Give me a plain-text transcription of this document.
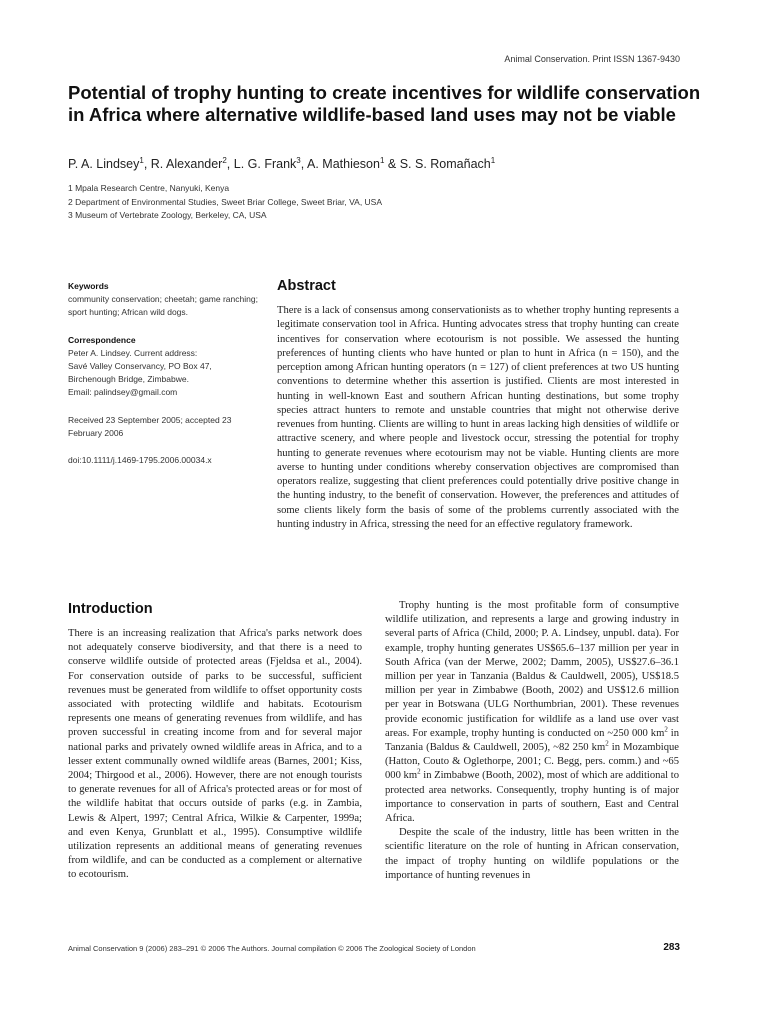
Animal Conservation. Print ISSN 1367-9430
Potential of trophy hunting to create incentives for wildlife conservation in Africa where alternative wildlife-based land uses may not be viable
P. A. Lindsey$^1$, R. Alexander$^2$, L. G. Frank$^3$, A. Mathieson$^1$ & S. S. Romañach$^1$
1 Mpala Research Centre, Nanyuki, Kenya
2 Department of Environmental Studies, Sweet Briar College, Sweet Briar, VA, USA
3 Museum of Vertebrate Zoology, Berkeley, CA, USA
Keywords
community conservation; cheetah; game ranching; sport hunting; African wild dogs.
Correspondence
Peter A. Lindsey. Current address:
Savé Valley Conservancy, PO Box 47,
Birchenough Bridge, Zimbabwe.
Email: palindsey@gmail.com
Received 23 September 2005; accepted 23 February 2006
doi:10.1111/j.1469-1795.2006.00034.x
Abstract

There is a lack of consensus among conservationists as to whether trophy hunting represents a legitimate conservation tool in Africa. Hunting advocates stress that trophy hunting can create incentives for conservation where ecotourism is not possible. We assessed the hunting preferences of hunting clients who have hunted or plan to hunt in Africa (n = 150), and the perception among African hunting operators (n = 127) of client preferences at two US hunting conventions to determine whether this assertion is justified. Clients are most interested in hunting in well-known East and southern African hunting destinations, but some trophy species attract hunters to remote and unstable countries that might not otherwise derive revenues from hunting. Clients are willing to hunt in areas lacking high densities of wildlife or attractive scenery, and where people and livestock occur, stressing the potential for trophy hunting to generate revenues where ecotourism may not be viable. Hunting clients are more averse to hunting under conditions whereby conservation objectives are compromised than operators realize, suggesting that client preferences could potentially drive positive change in the hunting industry, to the benefit of conservation. However, the preferences and attitudes of some clients likely form the basis of some of the problems currently associated with the hunting industry in Africa, stressing the need for an effective regulatory framework.

Introduction

There is an increasing realization that Africa's parks network does not adequately conserve biodiversity, and that there is a need to conserve wildlife outside of protected areas (Fjeldsa et al., 2004). For conservation outside of parks to be successful, sufficient revenues must be generated from wildlife to offset opportunity costs associated with protecting wildlife and habitats. Ecotourism represents one means of generating revenues from wildlife, and has proven successful in creating income from and for several major national parks and privately owned wildlife areas in Africa, and to a lesser extent communally owned wildlife areas (Barnes, 2001; Kiss, 2004; Thirgood et al., 2006). However, there are not enough tourists to generate revenues for all of Africa's protected areas or for most of the wildlife habitat that occurs outside of parks (e.g. in Zambia, Lewis & Alpert, 1997; Central Africa, Wilkie & Carpenter, 1999a; and even Kenya, Grunblatt et al., 1995). Consumptive wildlife utilization represents an additional means of generating revenues from wildlife, and can be conducted as a complement or alternative to ecotourism.

Trophy hunting is the most profitable form of consumptive wildlife utilization, and represents a large and growing industry in several parts of Africa (Child, 2000; P. A. Lindsey, unpubl. data). For example, trophy hunting generates US$65.6–137 million per year in South Africa (van der Merwe, 2002; Damm, 2005), US$27.6–36.1 million per year in Tanzania (Baldus & Cauldwell, 2005), US$18.5 million per year in Zimbabwe (Booth, 2002) and US$12.6 million per year in Botswana (ULG Northumbrian, 2001). These revenues provide economic justification for wildlife as a land use over vast areas. For example, trophy hunting is conducted on ~250 000 $km^2$ in Tanzania (Baldus & Cauldwell, 2005), ~82 250 $km^2$ in Mozambique (Hatton, Couto & Oglethorpe, 2001; C. Begg, pers. comm.) and ~65 000 $km^2$ in Zimbabwe (Booth, 2002), most of which are additional to protected area networks. Consequently, trophy hunting is of major importance to conservation in parts of southern, East and Central Africa.

Despite the scale of the industry, little has been written in the scientific literature on the role of hunting in African conservation, the impact of trophy hunting on wildlife populations or the importance of hunting revenues in

Animal Conservation 9 (2006) 283–291 © 2006 The Authors. Journal compilation © 2006 The Zoological Society of London	283
